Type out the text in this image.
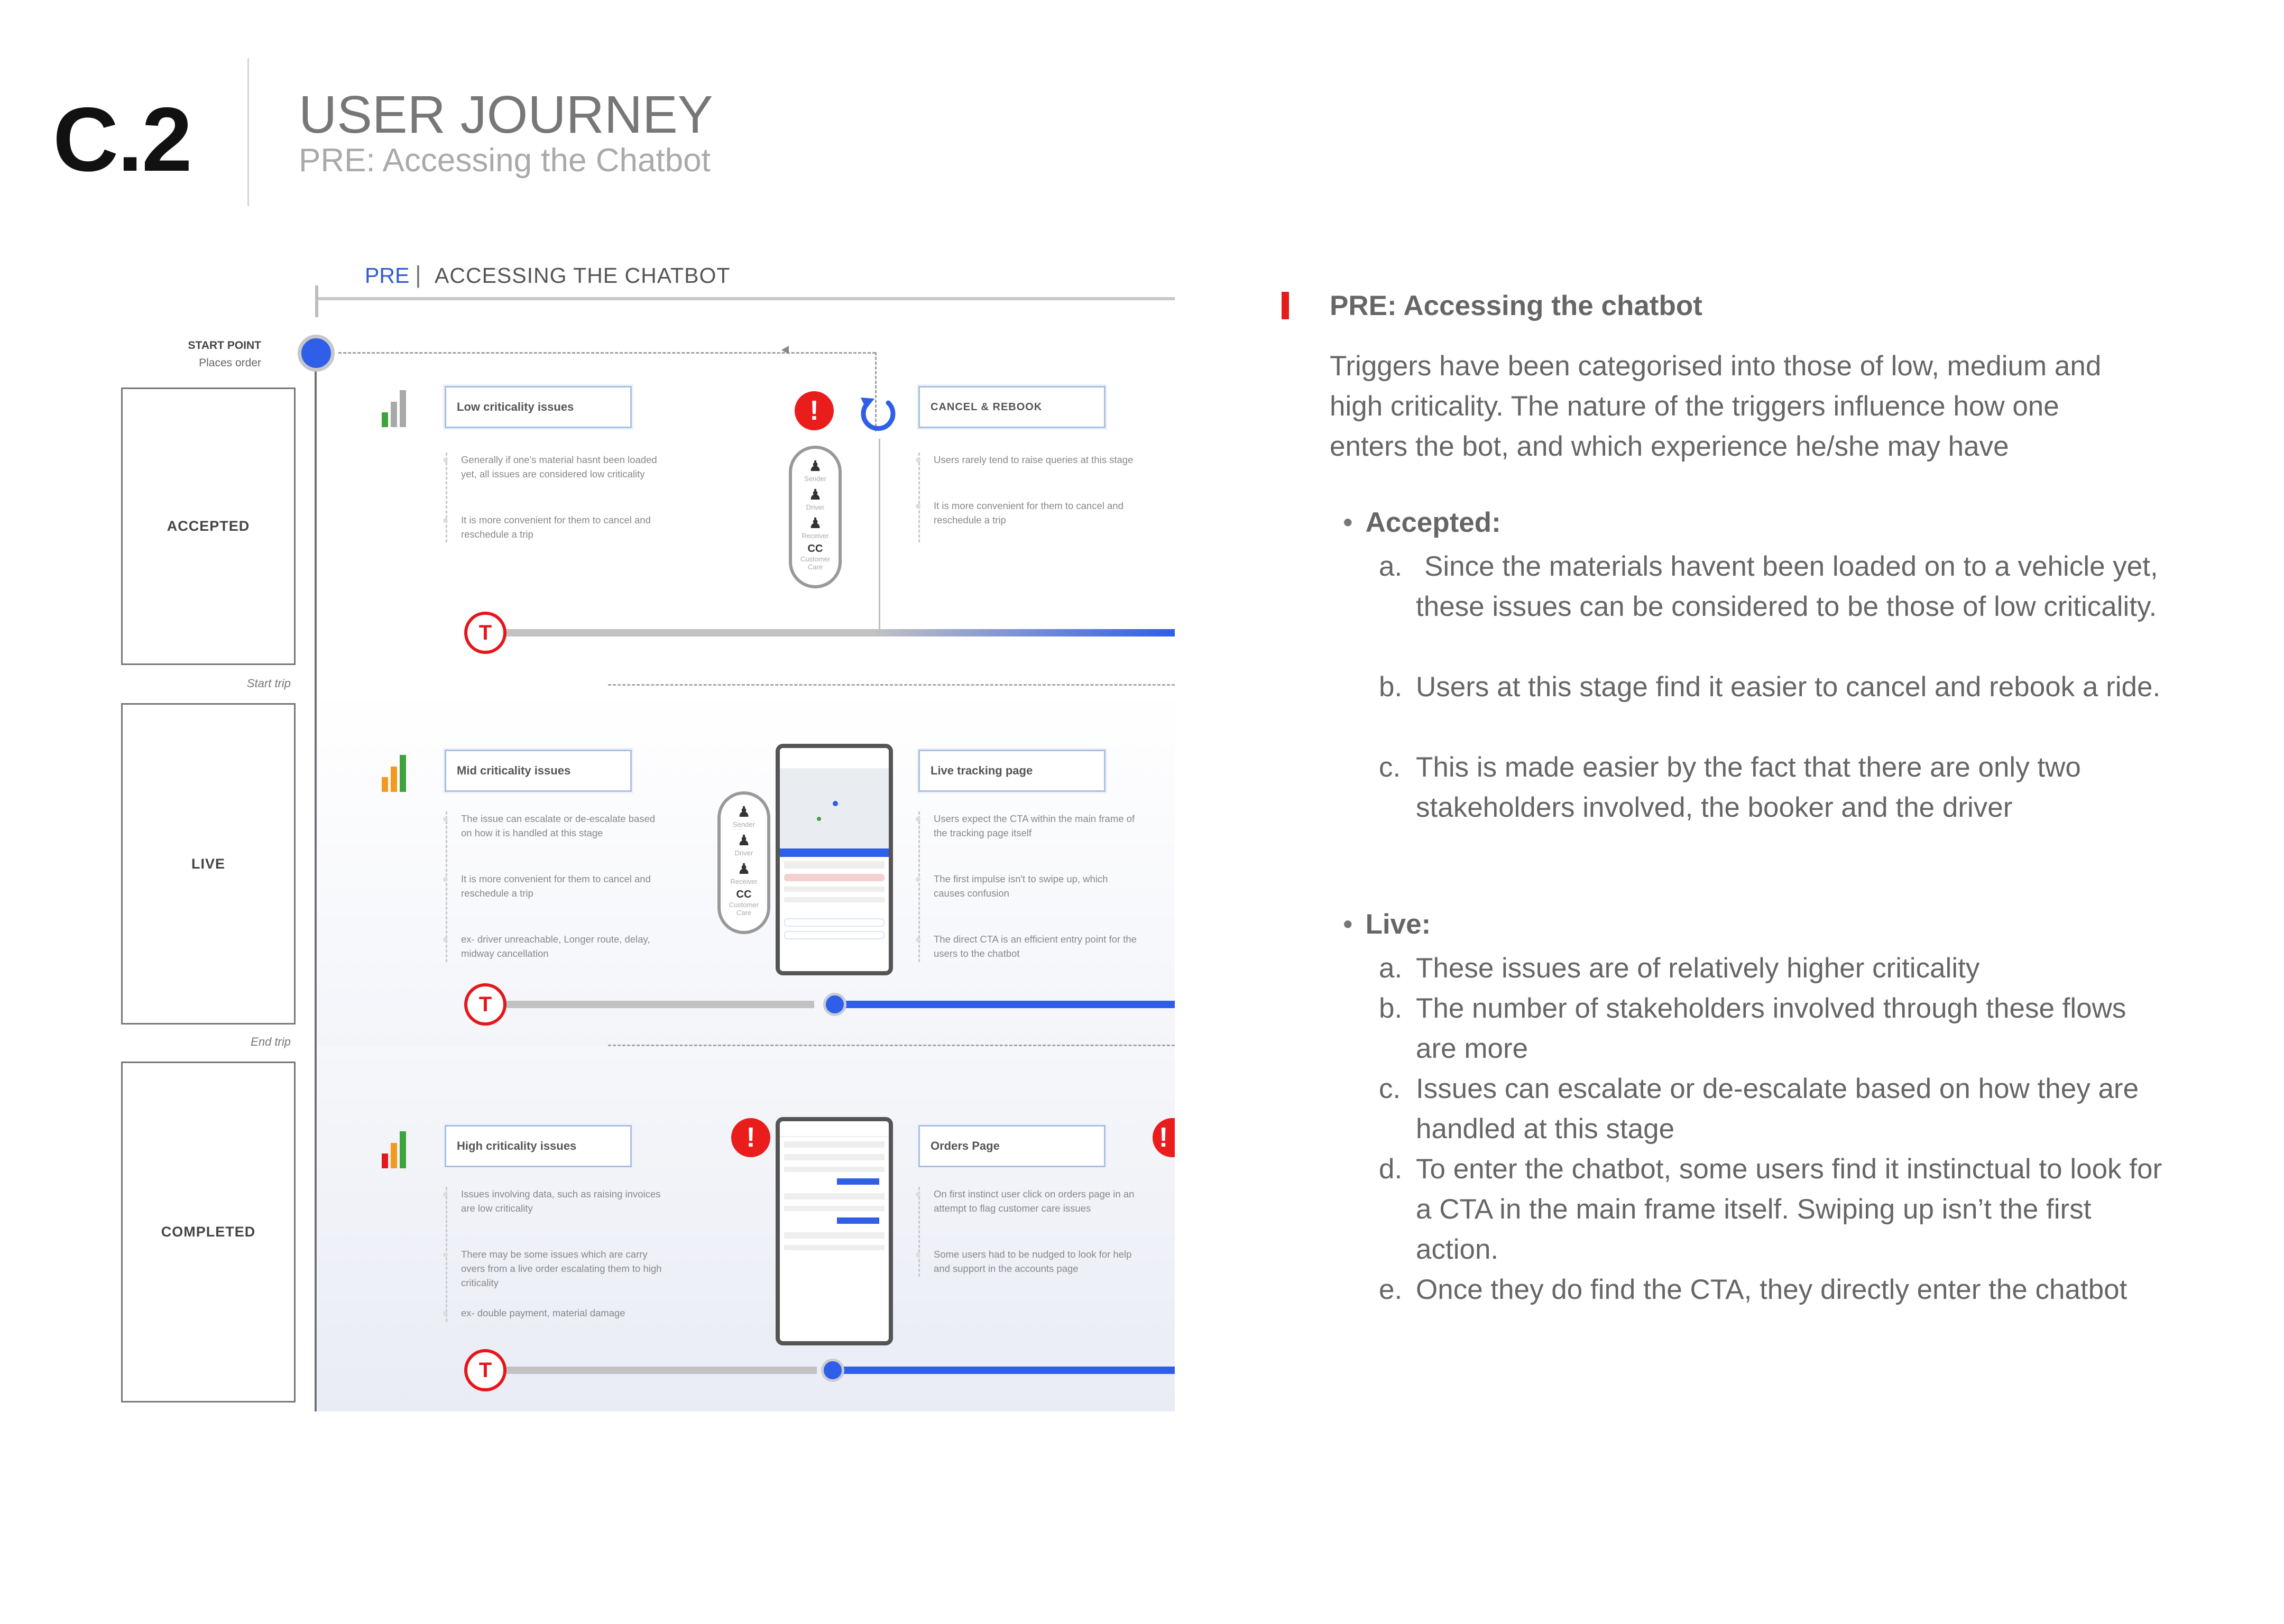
C.2 USER JOURNEY
PRE: Accessing the Chatbot
PRE | ACCESSING THE CHATBOT
START POINT
Places order
ACCEPTED
Start trip
LIVE
End trip
COMPLETED
Low criticality issues
Generally if one's material hasnt been loaded yet, all issues are considered low criticality
It is more convenient for them to cancel and reschedule a trip
!
♟
Sender
♟
Driver
♟
Receiver
CC
Customer Care
CANCEL & REBOOK
Users rarely tend to raise queries at this stage
It is more convenient for them to cancel and reschedule a trip
T
Mid criticality issues
The issue can escalate or de-escalate based on how it is handled at this stage
It is more convenient for them to cancel and reschedule a trip
ex- driver unreachable, Longer route, delay, midway cancellation
♟
Sender
♟
Driver
♟
Receiver
CC
Customer Care
Live tracking page
Users expect the CTA within the main frame of the tracking page itself
The first impulse isn't to swipe up, which causes confusion
The direct CTA is an efficient entry point for the users to the chatbot
T
High criticality issues
Issues involving data, such as raising invoices are low criticality
There may be some issues which are carry overs from a live order escalating them to high criticality
ex- double payment, material damage
!	Orders Page
On first instinct user click on orders page in an attempt to flag customer care issues
Some users had to be nudged to look for help and support in the accounts page
!
T
PRE: Accessing the chatbot
Triggers have been categorised into those of low, medium and high criticality. The nature of the triggers influence how one enters the bot, and which experience he/she may have
• Accepted:
a. Since the materials havent been loaded on to a vehicle yet, these issues can be considered to be those of low criticality.
b. Users at this stage find it easier to cancel and rebook a ride.
c. This is made easier by the fact that there are only two stakeholders involved, the booker and the driver
• Live:
a. These issues are of relatively higher criticality
b. The number of stakeholders involved through these flows are more
c. Issues can escalate or de-escalate based on how they are handled at this stage
d. To enter the chatbot, some users find it instinctual to look for a CTA in the main frame itself. Swiping up isn’t the first action.
e. Once they do find the CTA, they directly enter the chatbot
